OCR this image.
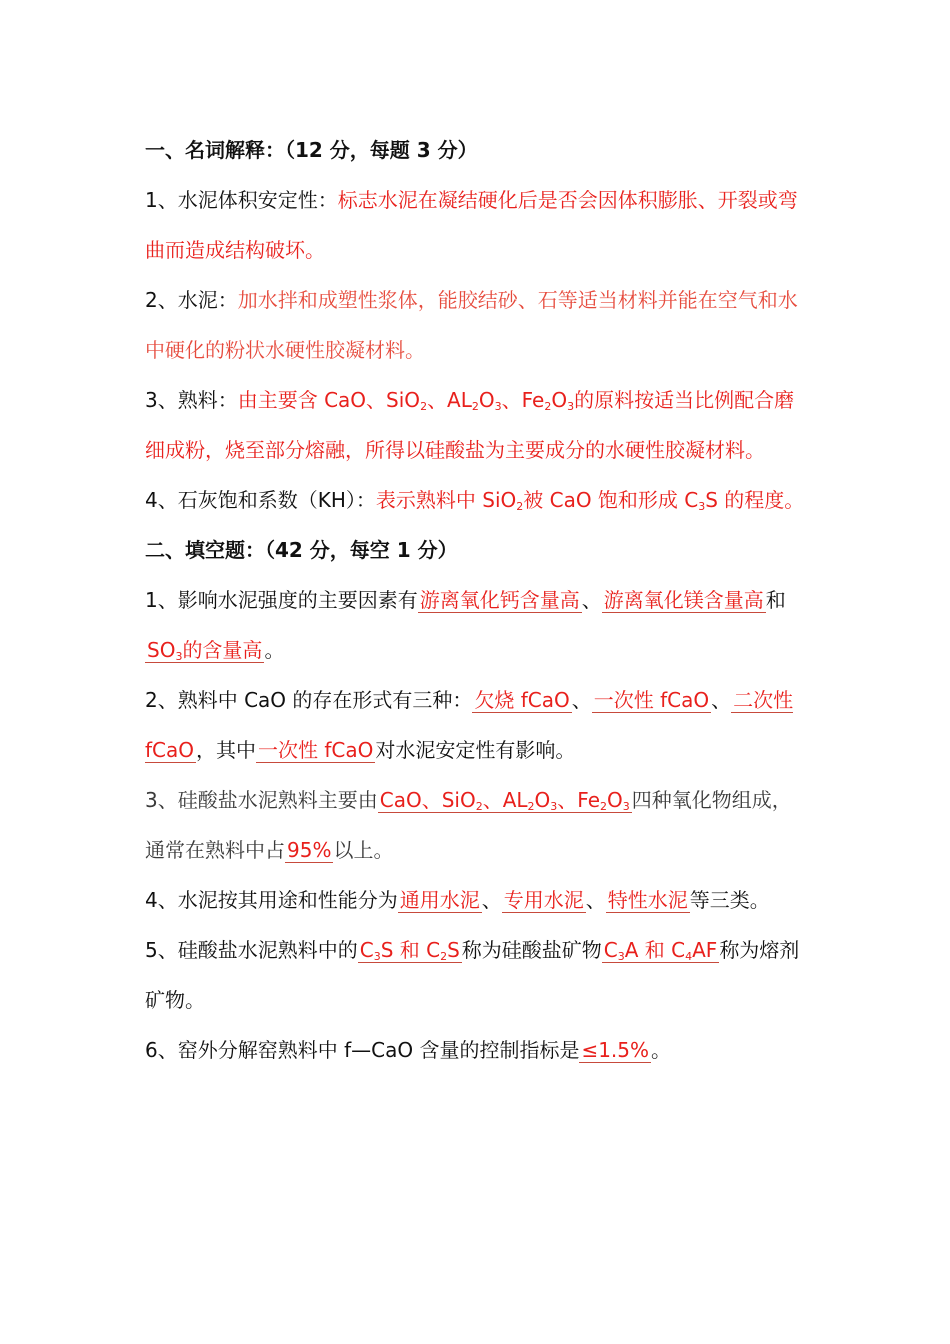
一、名词解释：（12 分，每题 3 分）

1、水泥体积安定性：标志水泥在凝结硬化后是否会因体积膨胀、开裂或弯曲而造成结构破坏。

2、水泥：加水拌和成塑性浆体，能胶结砂、石等适当材料并能在空气和水中硬化的粉状水硬性胶凝材料。

3、熟料：由主要含 CaO、SiO$_2$、$AL_2O_3$、$Fe_2O_3$的原料按适当比例配合磨细成粉，烧至部分熔融，所得以硅酸盐为主要成分的水硬性胶凝材料。

4、石灰饱和系数（KH）：表示熟料中 SiO$_2$被 CaO 饱和形成 $C_3S$ 的程度。

二、填空题：（42 分，每空 1 分）

1、影响水泥强度的主要因素有 游离氧化钙含量高 、 游离氧化镁含量高 和$SO_3$的含量高 。

2、熟料中 CaO 的存在形式有三种： 欠烧 fCaO 、 一次性 fCaO 、 二次性 fCaO ，其中 一次性 fCaO 对水泥安定性有影响。

3、硅酸盐水泥熟料主要由 CaO、SiO$_2$、$AL_2O_3$、$Fe_2O_3$ 四种氧化物组成，通常在熟料中占 95% 以上。

4、水泥按其用途和性能分为 通用水泥 、 专用水泥 、 特性水泥 等三类。

5、硅酸盐水泥熟料中的 $C_3S$ 和 $C_2S$ 称为硅酸盐矿物 $C_3A$ 和 $C_4AF$ 称为熔剂矿物。

6、窑外分解窑熟料中 f—CaO 含量的控制指标是 ≤1.5% 。
